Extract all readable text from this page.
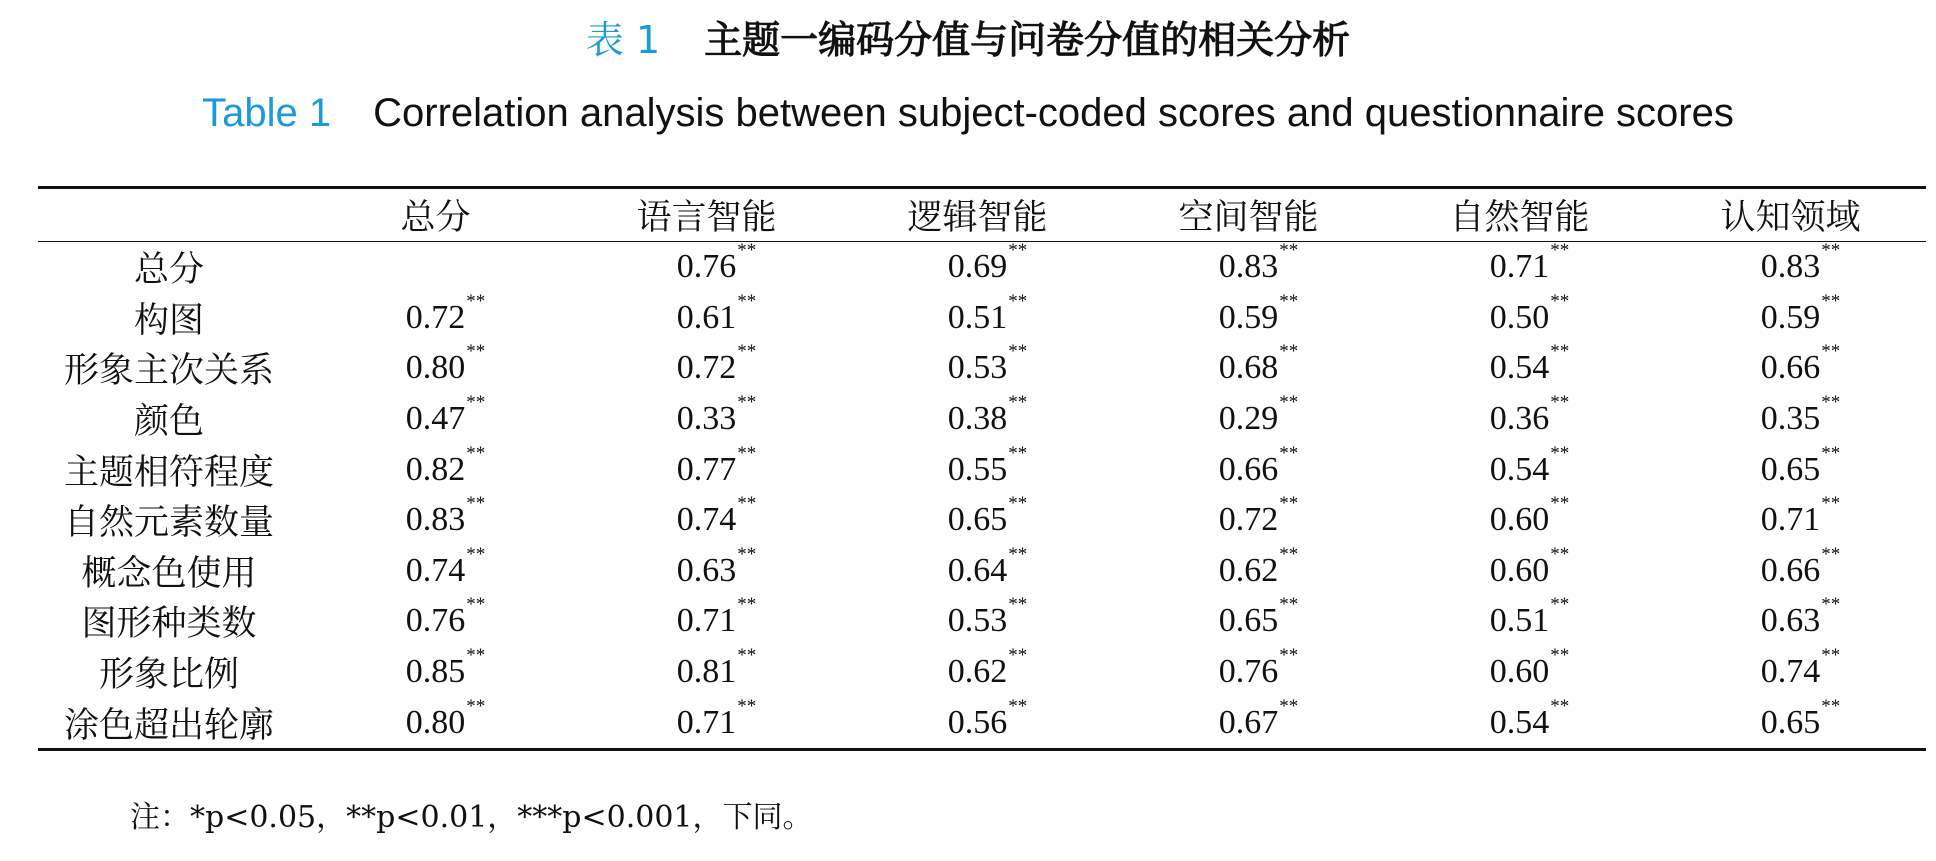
表 1 主题一编码分值与问卷分值的相关分析
Table 1 Correlation analysis between subject-coded scores and questionnaire scores
	总分	语言智能	逻辑智能	空间智能	自然智能	认知领域
总分		0.76 **	0.69 **	0.83 **	0.71 **	0.83 **

构图	0.72 **	0.61 **	0.51 **	0.59 **	0.50 **	0.59 **

形象主次关系	0.80 **	0.72 **	0.53 **	0.68 **	0.54 **	0.66 **

颜色	0.47 **	0.33 **	0.38 **	0.29 **	0.36 **	0.35 **

主题相符程度	0.82 **	0.77 **	0.55 **	0.66 **	0.54 **	0.65 **

自然元素数量	0.83 **	0.74 **	0.65 **	0.72 **	0.60 **	0.71 **

概念色使用	0.74 **	0.63 **	0.64 **	0.62 **	0.60 **	0.66 **

图形种类数	0.76 **	0.71 **	0.53 **	0.65 **	0.51 **	0.63 **

形象比例	0.85 **	0.81 **	0.62 **	0.76 **	0.60 **	0.74 **

涂色超出轮廓	0.80 **	0.71 **	0.56 **	0.67 **	0.54 **	0.65 **
注：*p<0.05，**p<0.01，***p<0.001，下同。
